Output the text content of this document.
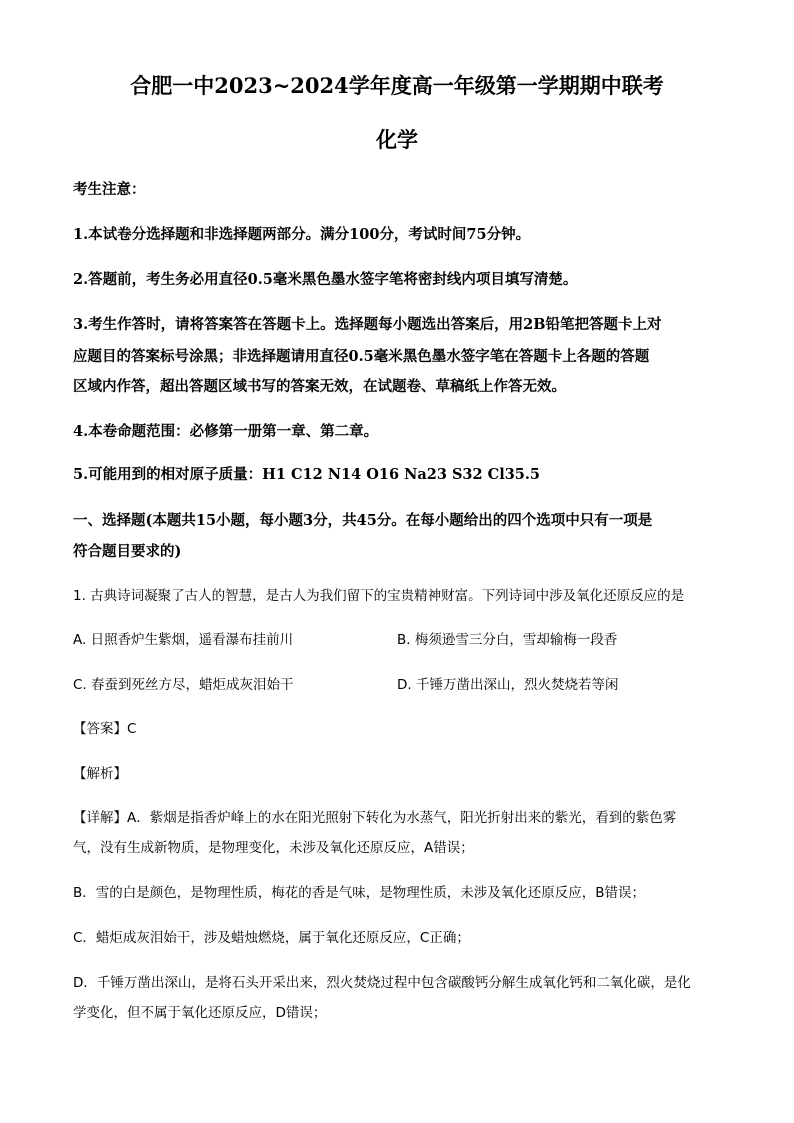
合肥一中2023~2024学年度高一年级第一学期期中联考
化学
考生注意：
1.本试卷分选择题和非选择题两部分。满分100分，考试时间75分钟。
2.答题前，考生务必用直径0.5毫米黑色墨水签字笔将密封线内项目填写清楚。
3.考生作答时，请将答案答在答题卡上。选择题每小题选出答案后，用2B铅笔把答题卡上对
应题目的答案标号涂黑；非选择题请用直径0.5毫米黑色墨水签字笔在答题卡上各题的答题
区域内作答，超出答题区域书写的答案无效，在试题卷、草稿纸上作答无效。
4.本卷命题范围：必修第一册第一章、第二章。
5.可能用到的相对原子质量：H1 C12 N14 O16 Na23 S32 Cl35.5
一、选择题(本题共15小题，每小题3分，共45分。在每小题给出的四个选项中只有一项是
符合题目要求的)
1. 古典诗词凝聚了古人的智慧，是古人为我们留下的宝贵精神财富。下列诗词中涉及氧化还原反应的是
A. 日照香炉生紫烟，遥看瀑布挂前川	B. 梅须逊雪三分白，雪却输梅一段香
C. 春蚕到死丝方尽，蜡炬成灰泪始干	D. 千锤万凿出深山，烈火焚烧若等闲
【答案】C
【解析】
【详解】A．紫烟是指香炉峰上的水在阳光照射下转化为水蒸气，阳光折射出来的紫光，看到的紫色雾
气，没有生成新物质，是物理变化，未涉及氧化还原反应，A错误；
B．雪的白是颜色，是物理性质，梅花的香是气味，是物理性质，未涉及氧化还原反应，B错误；
C．蜡炬成灰泪始干，涉及蜡烛燃烧，属于氧化还原反应，C正确；
D．千锤万凿出深山，是将石头开采出来，烈火焚烧过程中包含碳酸钙分解生成氧化钙和二氧化碳，是化
学变化，但不属于氧化还原反应，D错误；
